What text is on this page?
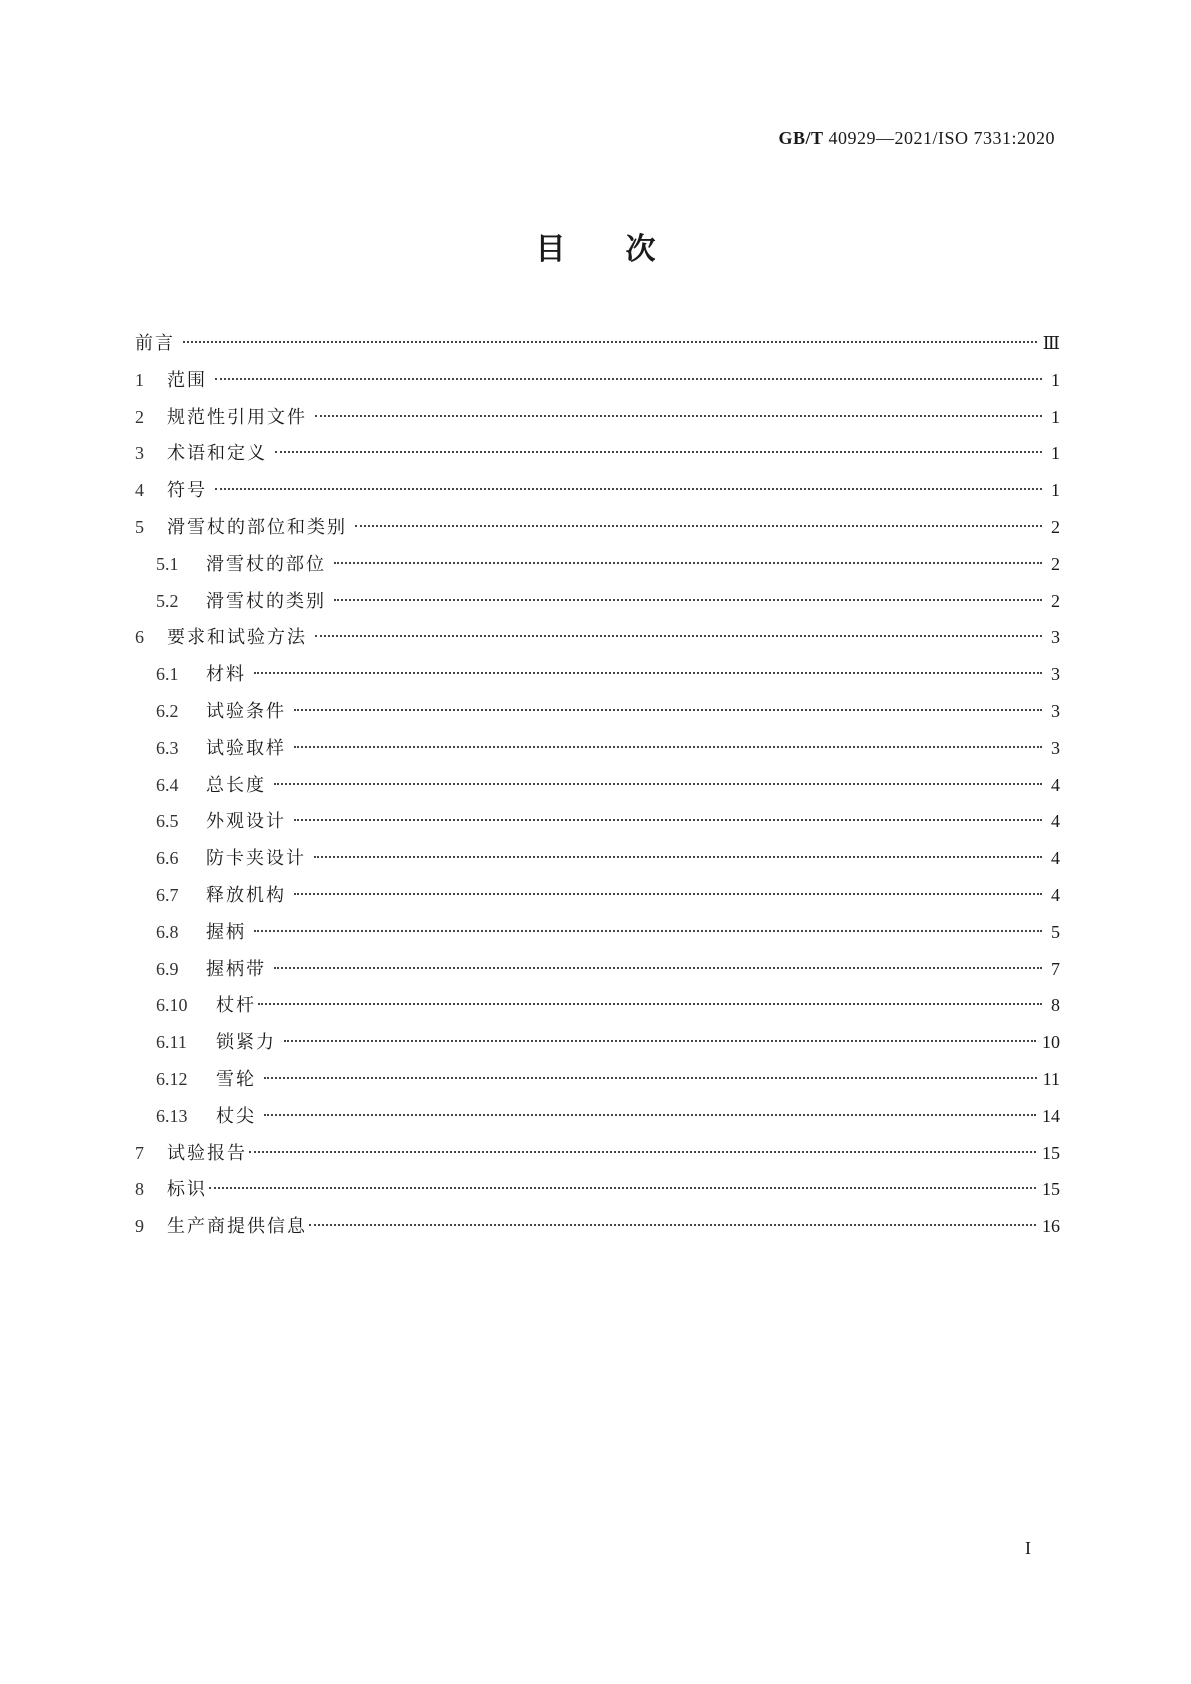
GB/T 40929—2021/ISO 7331:2020
目次
前言	Ⅲ
1	范围	1
2	规范性引用文件	1
3	术语和定义	1
4	符号	1
5	滑雪杖的部位和类别	2
5.1	滑雪杖的部位	2
5.2	滑雪杖的类别	2
6	要求和试验方法	3
6.1	材料	3
6.2	试验条件	3
6.3	试验取样	3
6.4	总长度	4
6.5	外观设计	4
6.6	防卡夹设计	4
6.7	释放机构	4
6.8	握柄	5
6.9	握柄带	7
6.10	杖杆	8
6.11	锁紧力	10
6.12	雪轮	11
6.13	杖尖	14
7	试验报告	15
8	标识	15
9	生产商提供信息	16
I
